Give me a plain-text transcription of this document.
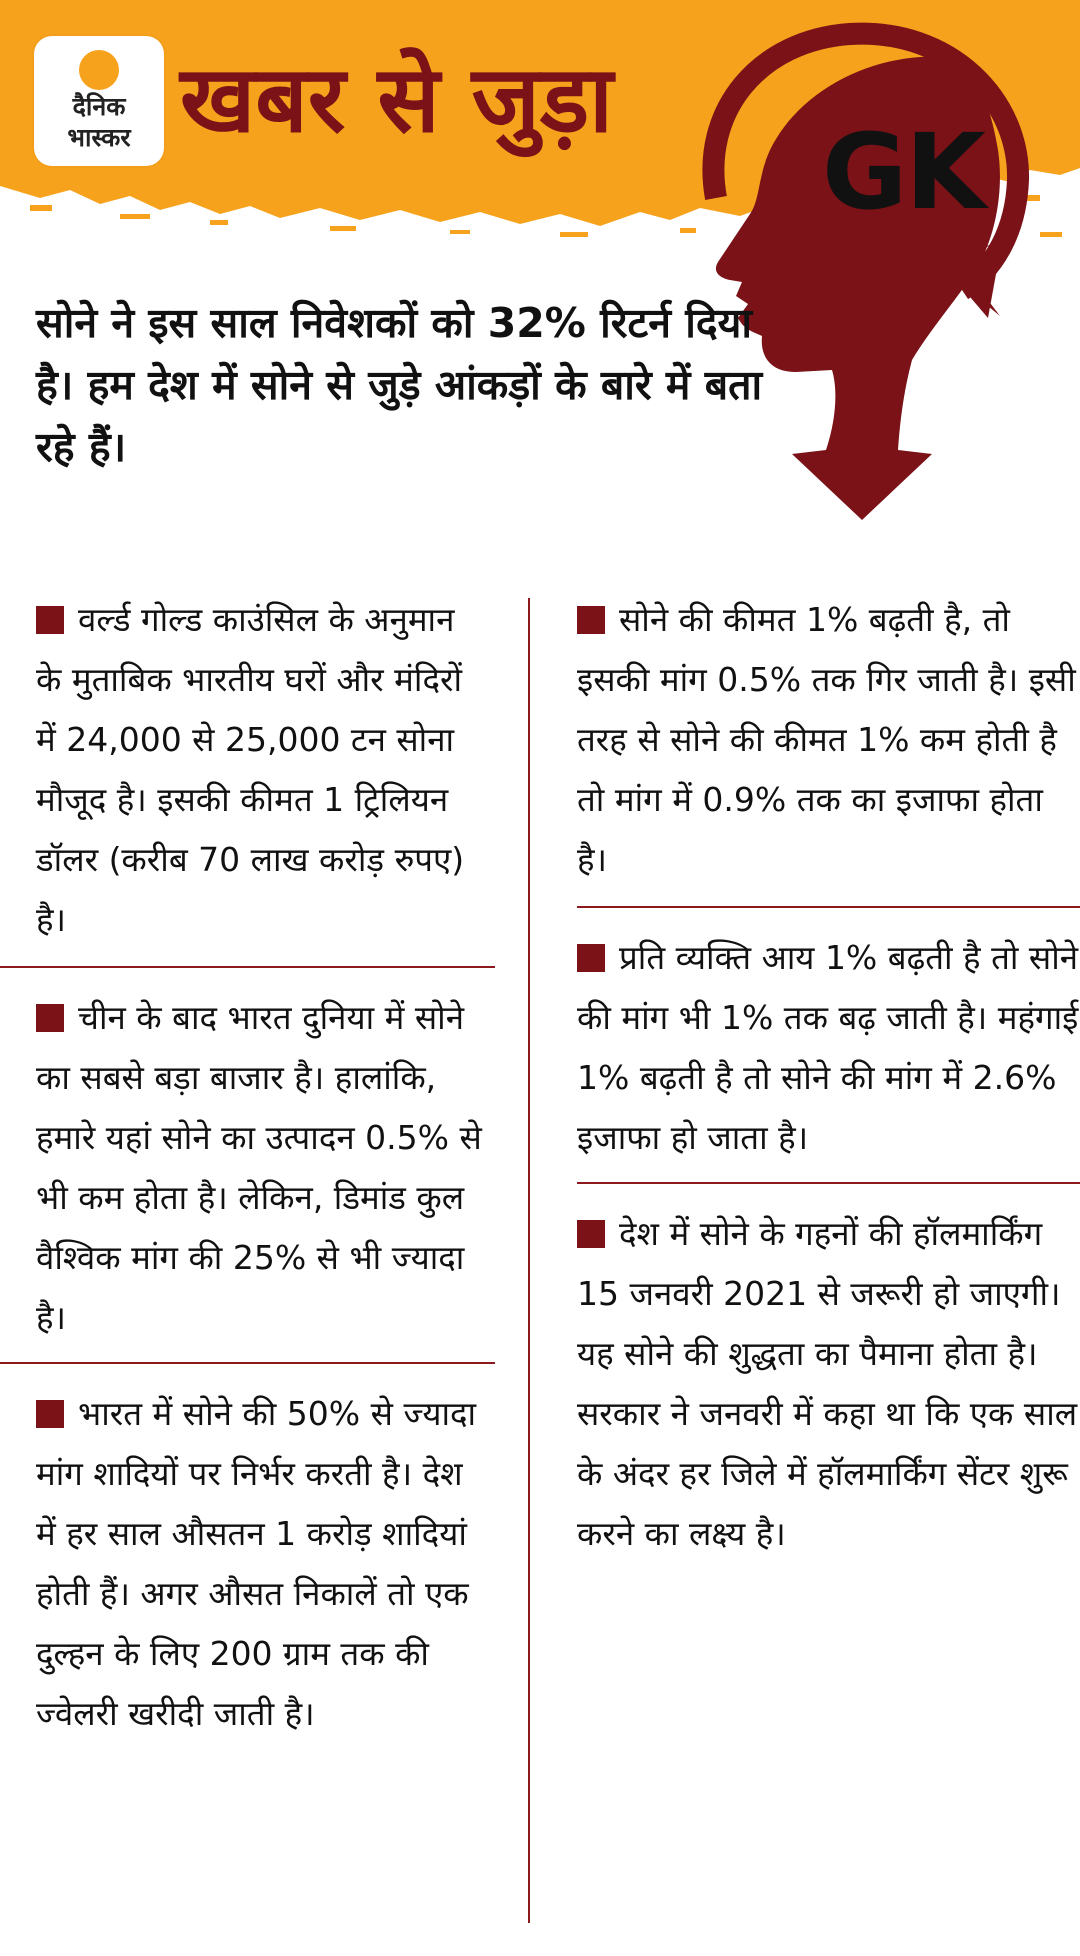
दैनिक
भास्कर खबर से जुड़ा
GK
सोने ने इस साल निवेशकों को 32% रिटर्न दिया है। हम देश में सोने से जुड़े आंकड़ों के बारे में बता रहे हैं।
वर्ल्ड गोल्ड काउंसिल के अनुमान के मुताबिक भारतीय घरों और मंदिरों में 24,000 से 25,000 टन सोना मौजूद है। इसकी कीमत 1 ट्रिलियन डॉलर (करीब 70 लाख करोड़ रुपए) है।
चीन के बाद भारत दुनिया में सोने का सबसे बड़ा बाजार है। हालांकि, हमारे यहां सोने का उत्पादन 0.5% से भी कम होता है। लेकिन, डिमांड कुल वैश्विक मांग की 25% से भी ज्यादा है।
भारत में सोने की 50% से ज्यादा मांग शादियों पर निर्भर करती है। देश में हर साल औसतन 1 करोड़ शादियां होती हैं। अगर औसत निकालें तो एक दुल्हन के लिए 200 ग्राम तक की ज्वेलरी खरीदी जाती है।
सोने की कीमत 1% बढ़ती है, तो इसकी मांग 0.5% तक गिर जाती है। इसी तरह से सोने की कीमत 1% कम होती है तो मांग में 0.9% तक का इजाफा होता है।
प्रति व्यक्ति आय 1% बढ़ती है तो सोने की मांग भी 1% तक बढ़ जाती है। महंगाई 1% बढ़ती है तो सोने की मांग में 2.6% इजाफा हो जाता है।
देश में सोने के गहनों की हॉलमार्किंग 15 जनवरी 2021 से जरूरी हो जाएगी। यह सोने की शुद्धता का पैमाना होता है। सरकार ने जनवरी में कहा था कि एक साल के अंदर हर जिले में हॉलमार्किंग सेंटर शुरू करने का लक्ष्य है।
